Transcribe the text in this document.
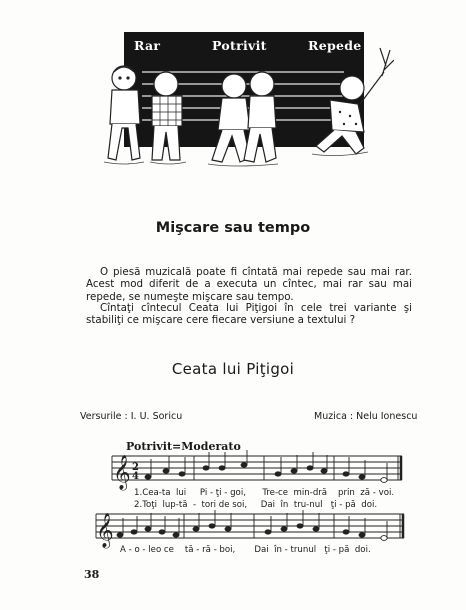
Rar	Potrivit	Repede
Mişcare sau tempo
O piesă muzicală poate fi cîntată mai repede sau mai rar. Acest mod diferit de a executa un cîntec, mai rar sau mai repede, se numeşte mişcare sau tempo.
Cîntaţi cîntecul Ceata lui Piţigoi în cele trei variante şi stabiliţi ce mişcare cere fiecare versiune a textului ?
Ceata lui Piţigoi
Versurile : I. U. Soricu	Muzica : Nelu Ionescu
Potrivit=Moderato
𝄞 2
4
𝄞
1.Cea-ta  lui     Pi - ţi - goi,      Tre-ce  min-dră    prin  ză - voi.
2.Toţi  lup-tă  -  tori de soi,     Dai  în  tru-nul   ţi - pă  doi.
A - o - leo ce    tă - ră - boi,       Dai  în - trunul   ţi - pă  doi.
38
